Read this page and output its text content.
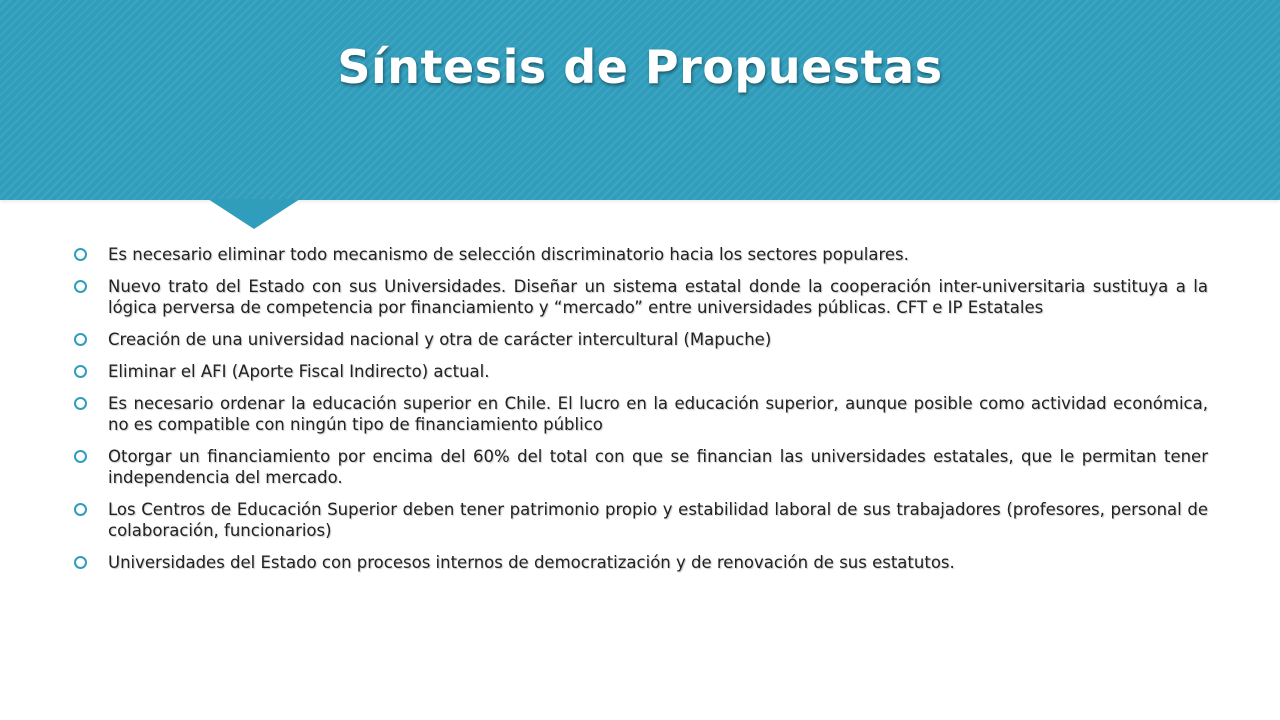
Síntesis de Propuestas
Es necesario eliminar todo mecanismo de selección discriminatorio hacia los sectores populares.
Nuevo trato del Estado con sus Universidades. Diseñar un sistema estatal donde la cooperación inter-universitaria sustituya a la lógica perversa de competencia por financiamiento y “mercado” entre universidades públicas. CFT e IP Estatales
Creación de una universidad nacional y otra de carácter intercultural (Mapuche)
Eliminar el AFI (Aporte Fiscal Indirecto) actual.
Es necesario ordenar la educación superior en Chile. El lucro en la educación superior, aunque posible como actividad económica, no es compatible con ningún tipo de financiamiento público
Otorgar un financiamiento por encima del 60% del total con que se financian las universidades estatales, que le permitan tener independencia del mercado.
Los Centros de Educación Superior deben tener patrimonio propio y estabilidad laboral de sus trabajadores (profesores, personal de colaboración, funcionarios)
Universidades del Estado con procesos internos de democratización y de renovación de sus estatutos.
